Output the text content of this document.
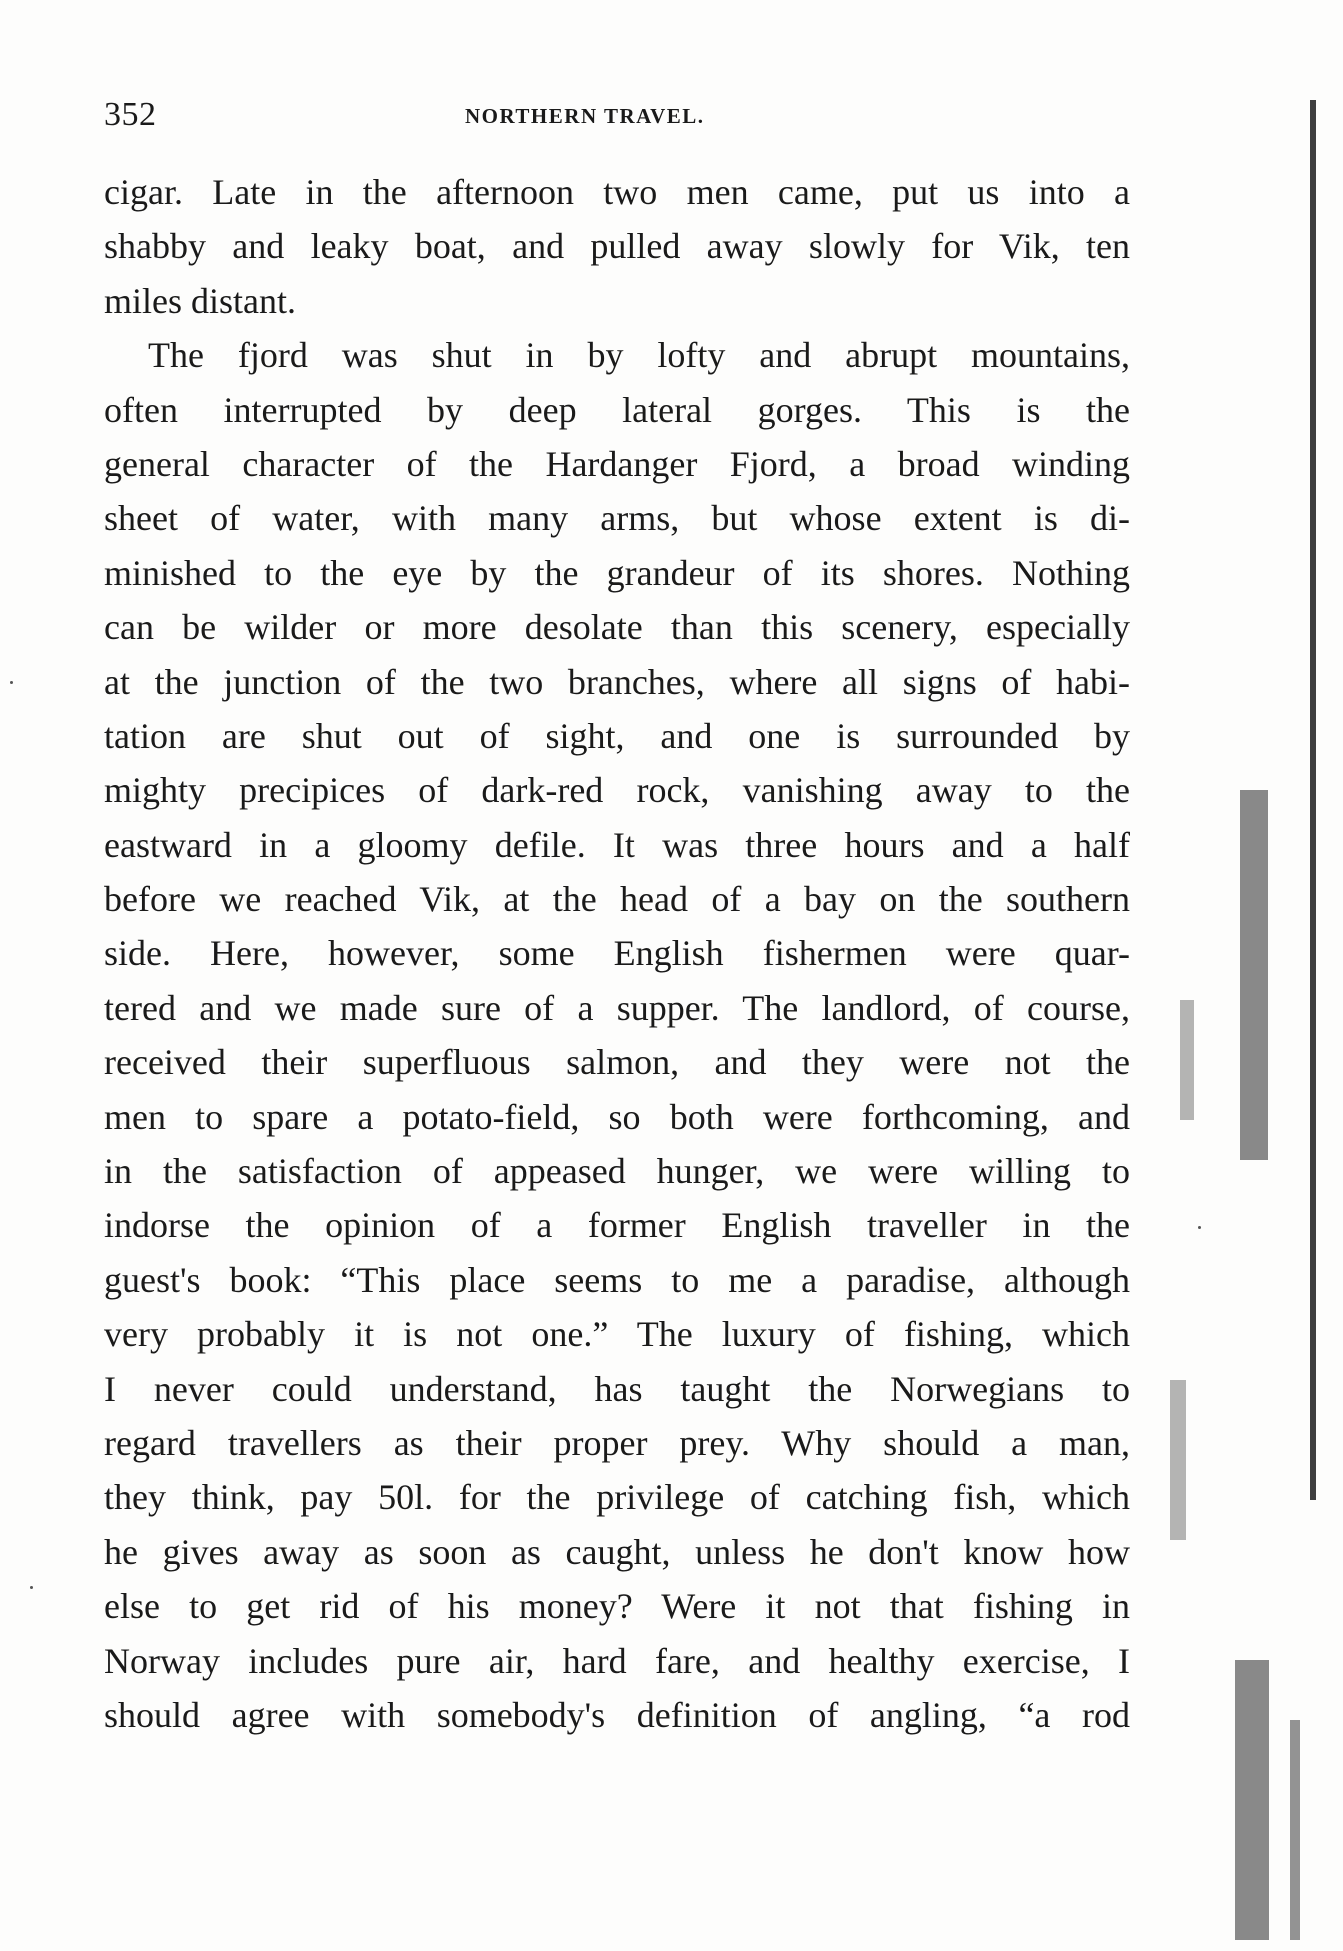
352	NORTHERN TRAVEL.
cigar. Late in the afternoon two men came, put us into a
shabby and leaky boat, and pulled away slowly for Vik, ten
miles distant.
The fjord was shut in by lofty and abrupt mountains,
often interrupted by deep lateral gorges. This is the
general character of the Hardanger Fjord, a broad winding
sheet of water, with many arms, but whose extent is di-
minished to the eye by the grandeur of its shores. Nothing
can be wilder or more desolate than this scenery, especially
at the junction of the two branches, where all signs of habi-
tation are shut out of sight, and one is surrounded by
mighty precipices of dark-red rock, vanishing away to the
eastward in a gloomy defile. It was three hours and a half
before we reached Vik, at the head of a bay on the southern
side. Here, however, some English fishermen were quar-
tered and we made sure of a supper. The landlord, of course,
received their superfluous salmon, and they were not the
men to spare a potato-field, so both were forthcoming, and
in the satisfaction of appeased hunger, we were willing to
indorse the opinion of a former English traveller in the
guest's book: “This place seems to me a paradise, although
very probably it is not one.” The luxury of fishing, which
I never could understand, has taught the Norwegians to
regard travellers as their proper prey. Why should a man,
they think, pay 50l. for the privilege of catching fish, which
he gives away as soon as caught, unless he don't know how
else to get rid of his money? Were it not that fishing in
Norway includes pure air, hard fare, and healthy exercise, I
should agree with somebody's definition of angling, “a rod
